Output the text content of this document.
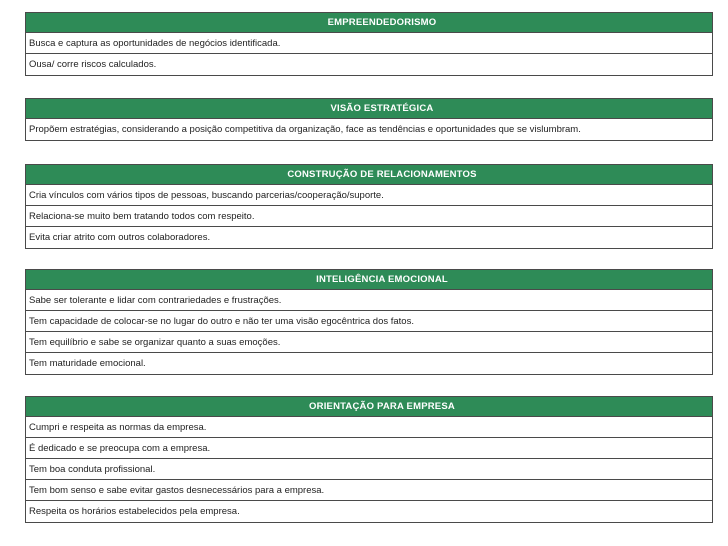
EMPREENDEDORISMO
Busca e captura as oportunidades de negócios identificada.
Ousa/ corre riscos calculados.
VISÃO ESTRATÉGICA
Propõem estratégias, considerando a posição competitiva da organização, face as tendências e oportunidades que se vislumbram.
CONSTRUÇÃO DE RELACIONAMENTOS
Cria vínculos com vários tipos de pessoas, buscando parcerias/cooperação/suporte.
Relaciona-se muito bem tratando todos com respeito.
Evita criar atrito com outros colaboradores.
INTELIGÊNCIA EMOCIONAL
Sabe ser tolerante e lidar com contrariedades e frustrações.
Tem capacidade de colocar-se no lugar do outro e não ter uma visão egocêntrica dos fatos.
Tem equilíbrio e sabe se organizar quanto a suas emoções.
Tem maturidade emocional.
ORIENTAÇÃO PARA EMPRESA
Cumpri e respeita as normas da empresa.
É dedicado e se preocupa com a empresa.
Tem boa conduta profissional.
Tem bom senso e sabe evitar gastos desnecessários para a empresa.
Respeita os horários estabelecidos pela empresa.
